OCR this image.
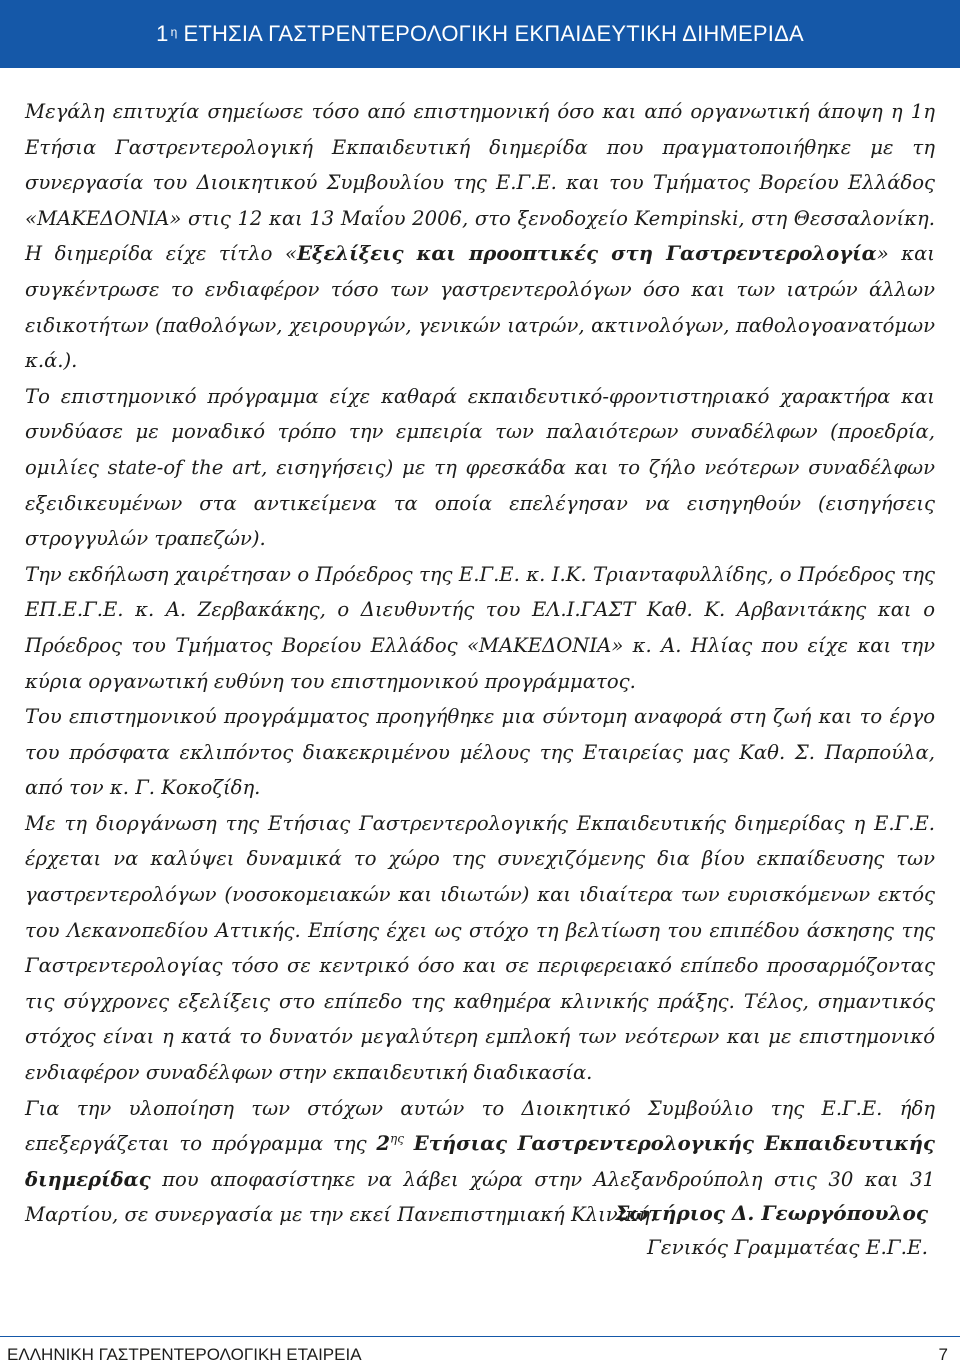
$1^\eta$ ΕΤΗΣΙΑ ΓΑΣΤΡΕΝΤΕΡΟΛΟΓΙΚΗ ΕΚΠΑΙΔΕΥΤΙΚΗ ΔΙΗΜΕΡΙΔΑ

Μεγάλη επιτυχία σημείωσε τόσο από επιστημονική όσο και από οργανωτική άποψη η 1η Ετήσια Γαστρεντερολογική Εκπαιδευτική διημερίδα που πραγματοποιήθηκε με τη συνεργασία του Διοικητικού Συμβουλίου της Ε.Γ.Ε. και του Τμήματος Βορείου Ελλάδος «ΜΑΚΕΔΟΝΙΑ» στις 12 και 13 Μαΐου 2006, στο ξενοδοχείο Kempinski, στη Θεσσαλονίκη. Η διημερίδα είχε τίτλο «Εξελίξεις και προοπτικές στη Γαστρεντερολογία» και συγκέντρωσε το ενδιαφέρον τόσο των γαστρεντερολόγων όσο και των ιατρών άλλων ειδικοτήτων (παθολόγων, χειρουργών, γενικών ιατρών, ακτινολόγων, παθολογοανατόμων κ.ά.).

Το επιστημονικό πρόγραμμα είχε καθαρά εκπαιδευτικό-φροντιστηριακό χαρακτήρα και συνδύασε με μοναδικό τρόπο την εμπειρία των παλαιότερων συναδέλφων (προεδρία, ομιλίες state-of the art, εισηγήσεις) με τη φρεσκάδα και το ζήλο νεότερων συναδέλφων εξειδικευμένων στα αντικείμενα τα οποία επελέγησαν να εισηγηθούν (εισηγήσεις στρογγυλών τραπεζών).

Την εκδήλωση χαιρέτησαν ο Πρόεδρος της Ε.Γ.Ε. κ. Ι.Κ. Τριανταφυλλίδης, ο Πρόεδρος της ΕΠ.Ε.Γ.Ε. κ. Α. Ζερβακάκης, ο Διευθυντής του ΕΛ.Ι.ΓΑΣΤ Καθ. Κ. Αρβανιτάκης και ο Πρόεδρος του Τμήματος Βορείου Ελλάδος «ΜΑΚΕΔΟΝΙΑ» κ. Α. Ηλίας που είχε και την κύρια οργανωτική ευθύνη του επιστημονικού προγράμματος.

Του επιστημονικού προγράμματος προηγήθηκε μια σύντομη αναφορά στη ζωή και το έργο του πρόσφατα εκλιπόντος διακεκριμένου μέλους της Εταιρείας μας Καθ. Σ. Παρπούλα, από τον κ. Γ. Κοκοζίδη.

Με τη διοργάνωση της Ετήσιας Γαστρεντερολογικής Εκπαιδευτικής διημερίδας η Ε.Γ.Ε. έρχεται να καλύψει δυναμικά το χώρο της συνεχιζόμενης δια βίου εκπαίδευσης των γαστρεντερολόγων (νοσοκομειακών και ιδιωτών) και ιδιαίτερα των ευρισκόμενων εκτός του Λεκανοπεδίου Αττικής. Επίσης έχει ως στόχο τη βελτίωση του επιπέδου άσκησης της Γαστρεντερολογίας τόσο σε κεντρικό όσο και σε περιφερειακό επίπεδο προσαρμόζοντας τις σύγχρονες εξελίξεις στο επίπεδο της καθημέρα κλινικής πράξης. Τέλος, σημαντικός στόχος είναι η κατά το δυνατόν μεγαλύτερη εμπλοκή των νεότερων και με επιστημονικό ενδιαφέρον συναδέλφων στην εκπαιδευτική διαδικασία.

Για την υλοποίηση των στόχων αυτών το Διοικητικό Συμβούλιο της Ε.Γ.Ε. ήδη επεξεργάζεται το πρόγραμμα της $2^{\eta\varsigma}$ Ετήσιας Γαστρεντερολογικής Εκπαιδευτικής διημερίδας που αποφασίστηκε να λάβει χώρα στην Αλεξανδρούπολη στις 30 και 31 Μαρτίου, σε συνεργασία με την εκεί Πανεπιστημιακή Κλινική.

Σωτήριος Δ. Γεωργόπουλος
Γενικός Γραμματέας Ε.Γ.Ε.
ΕΛΛΗΝΙΚΗ ΓΑΣΤΡΕΝΤΕΡΟΛΟΓΙΚΗ ΕΤΑΙΡΕΙΑ	7
